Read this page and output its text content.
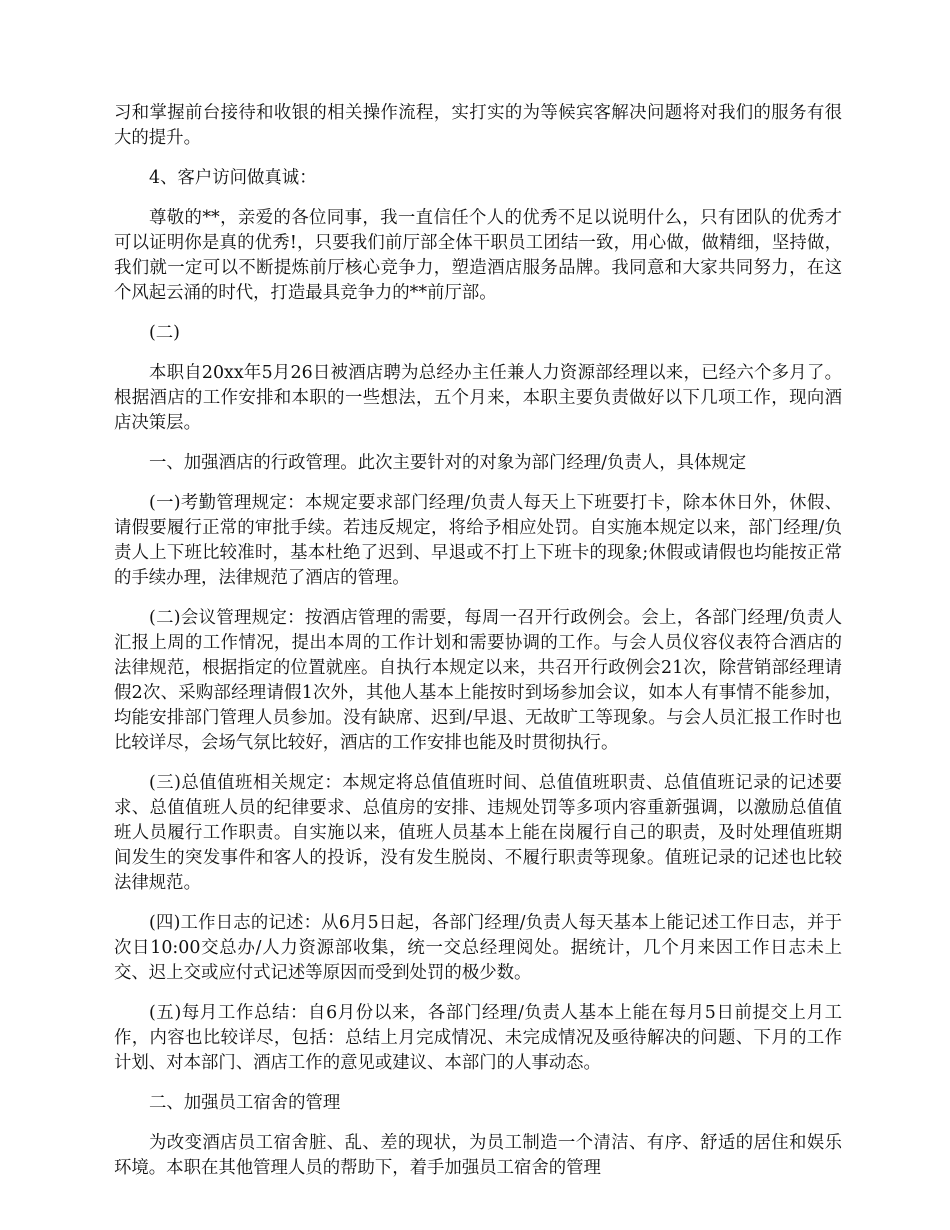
习和掌握前台接待和收银的相关操作流程，实打实的为等候宾客解决问题将对我们的服务有很大的提升。

4、客户访问做真诚：

尊敬的**，亲爱的各位同事，我一直信任个人的优秀不足以说明什么，只有团队的优秀才可以证明你是真的优秀!，只要我们前厅部全体干职员工团结一致，用心做，做精细，坚持做，我们就一定可以不断提炼前厅核心竞争力，塑造酒店服务品牌。我同意和大家共同努力，在这个风起云涌的时代，打造最具竞争力的**前厅部。

(二)

本职自20xx年5月26日被酒店聘为总经办主任兼人力资源部经理以来，已经六个多月了。根据酒店的工作安排和本职的一些想法，五个月来，本职主要负责做好以下几项工作，现向酒店决策层。

一、加强酒店的行政管理。此次主要针对的对象为部门经理/负责人，具体规定

(一)考勤管理规定：本规定要求部门经理/负责人每天上下班要打卡，除本休日外，休假、请假要履行正常的审批手续。若违反规定，将给予相应处罚。自实施本规定以来，部门经理/负责人上下班比较准时，基本杜绝了迟到、早退或不打上下班卡的现象;休假或请假也均能按正常的手续办理，法律规范了酒店的管理。

(二)会议管理规定：按酒店管理的需要，每周一召开行政例会。会上，各部门经理/负责人汇报上周的工作情况，提出本周的工作计划和需要协调的工作。与会人员仪容仪表符合酒店的法律规范，根据指定的位置就座。自执行本规定以来，共召开行政例会21次，除营销部经理请假2次、采购部经理请假1次外，其他人基本上能按时到场参加会议，如本人有事情不能参加，均能安排部门管理人员参加。没有缺席、迟到/早退、无故旷工等现象。与会人员汇报工作时也比较详尽，会场气氛比较好，酒店的工作安排也能及时贯彻执行。

(三)总值值班相关规定：本规定将总值值班时间、总值值班职责、总值值班记录的记述要求、总值值班人员的纪律要求、总值房的安排、违规处罚等多项内容重新强调，以激励总值值班人员履行工作职责。自实施以来，值班人员基本上能在岗履行自己的职责，及时处理值班期间发生的突发事件和客人的投诉，没有发生脱岗、不履行职责等现象。值班记录的记述也比较法律规范。

(四)工作日志的记述：从6月5日起，各部门经理/负责人每天基本上能记述工作日志，并于次日10:00交总办/人力资源部收集，统一交总经理阅处。据统计，几个月来因工作日志未上交、迟上交或应付式记述等原因而受到处罚的极少数。

(五)每月工作总结：自6月份以来，各部门经理/负责人基本上能在每月5日前提交上月工作，内容也比较详尽，包括：总结上月完成情况、未完成情况及亟待解决的问题、下月的工作计划、对本部门、酒店工作的意见或建议、本部门的人事动态。

二、加强员工宿舍的管理

为改变酒店员工宿舍脏、乱、差的现状，为员工制造一个清洁、有序、舒适的居住和娱乐环境。本职在其他管理人员的帮助下，着手加强员工宿舍的管理
